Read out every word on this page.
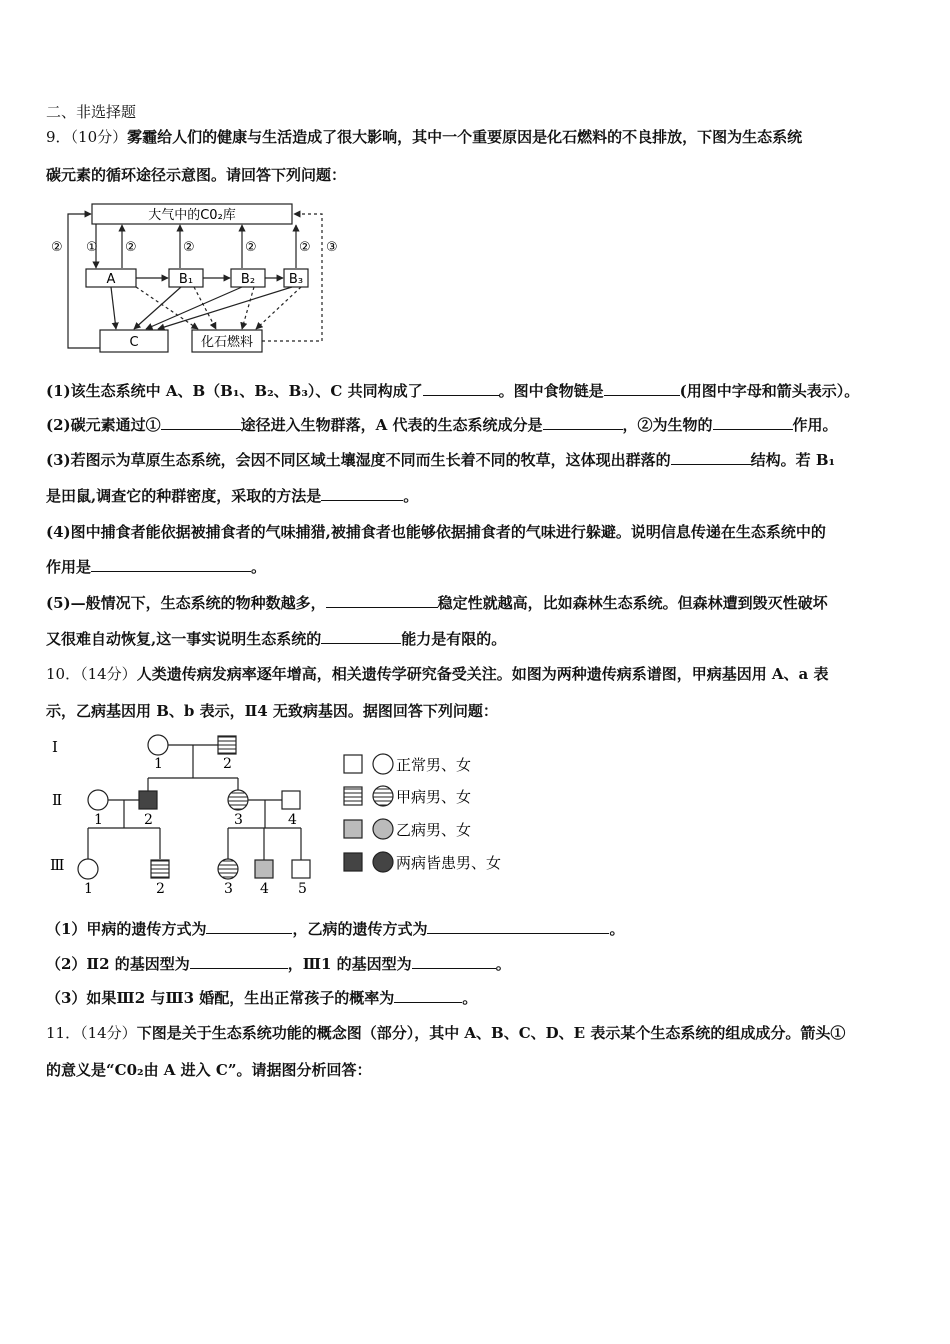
二、非选择题
9．（10分）雾霾给人们的健康与生活造成了很大影响，其中一个重要原因是化石燃料的不良排放，下图为生态系统
碳元素的循环途径示意图。请回答下列问题：
大气中的C0₂库
A	B₁	B₂	B₃
C	化石燃料
① ②	②	②	②
②	③
(1)该生态系统中 A、B（B₁、B₂、B₃）、C 共同构成了	。图中食物链是	(用图中字母和箭头表示）。
(2)碳元素通过①	途径进入生物群落，A 代表的生态系统成分是	，②为生物的	作用。
(3)若图示为草原生态系统，会因不同区域土壤湿度不同而生长着不同的牧草，这体现出群落的	结构。若 B₁
是田鼠,调查它的种群密度，采取的方法是	。
(4)图中捕食者能依据被捕食者的气味捕猎,被捕食者也能够依据捕食者的气味进行躲避。说明信息传递在生态系统中的
作用是	。
(5)—般情况下，生态系统的物种数越多，	稳定性就越高，比如森林生态系统。但森林遭到毁灭性破坏
又很难自动恢复,这一事实说明生态系统的	能力是有限的。
10．（14分）人类遗传病发病率逐年增高，相关遗传学研究备受关注。如图为两种遗传病系谱图，甲病基因用 A、a 表
示，乙病基因用 B、b 表示，Ⅱ4 无致病基因。据图回答下列问题：
Ⅰ
Ⅱ
Ⅲ
1	2
1	2	3	4
1	2	3 4 5
正常男、女
甲病男、女
乙病男、女
两病皆患男、女
（1）甲病的遗传方式为	，乙病的遗传方式为	。
（2）Ⅱ2 的基因型为	，Ⅲ1 的基因型为	。
（3）如果Ⅲ2 与Ⅲ3 婚配，生出正常孩子的概率为	。
11．（14分）下图是关于生态系统功能的概念图（部分），其中 A、B、C、D、E 表示某个生态系统的组成成分。箭头①
的意义是“C0₂由 A 进入 C”。请据图分析回答：
